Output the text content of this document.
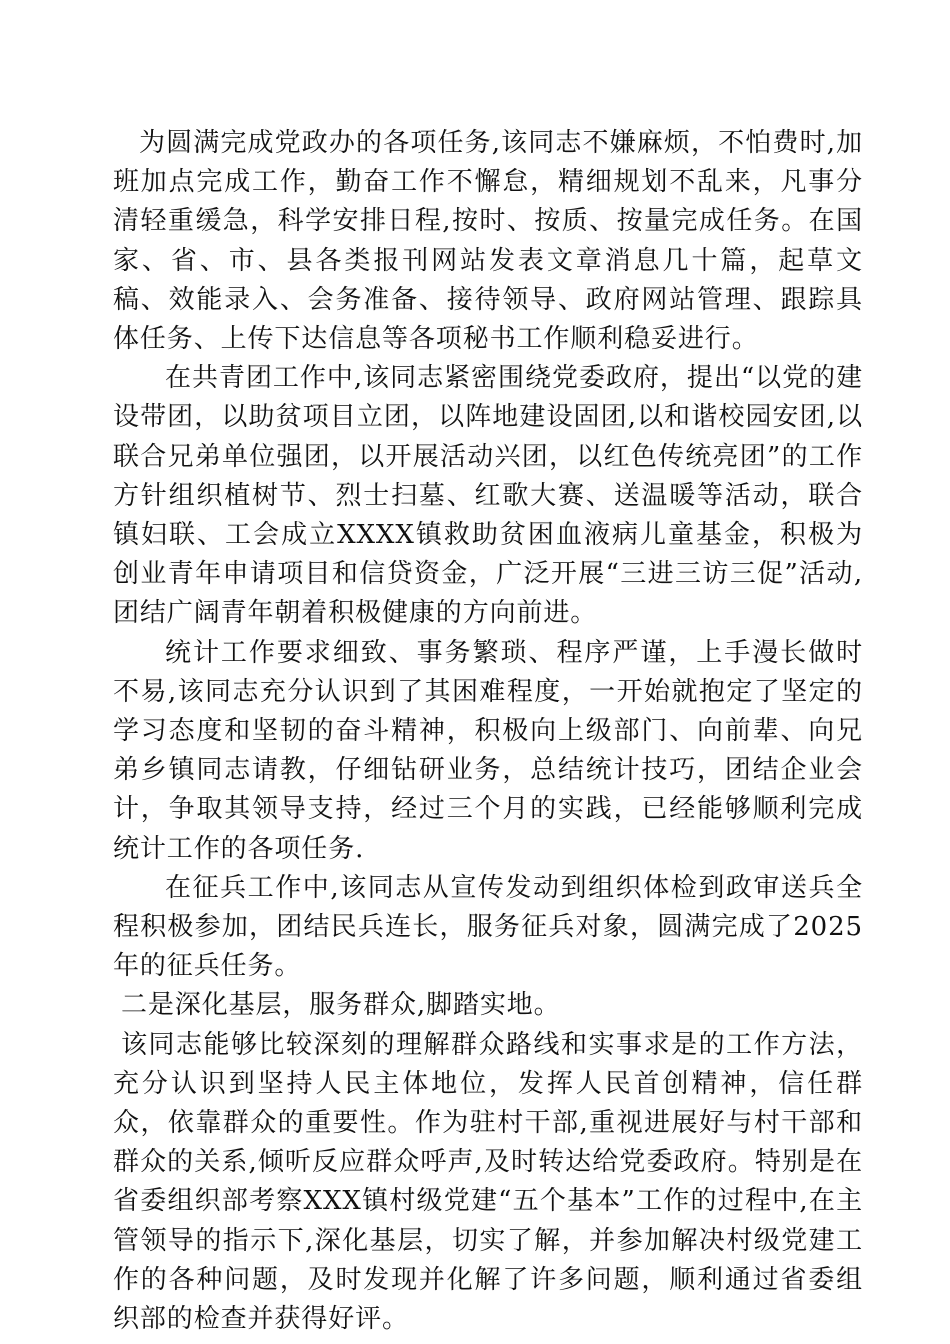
为圆满完成党政办的各项任务,该同志不嫌麻烦，不怕费时,加班加点完成工作，勤奋工作不懈怠，精细规划不乱来，凡事分清轻重缓急，科学安排日程,按时、按质、按量完成任务。在国家、省、市、县各类报刊网站发表文章消息几十篇，起草文稿、效能录入、会务准备、接待领导、政府网站管理、跟踪具体任务、上传下达信息等各项秘书工作顺利稳妥进行。

在共青团工作中,该同志紧密围绕党委政府，提出“以党的建设带团，以助贫项目立团，以阵地建设固团,以和谐校园安团,以联合兄弟单位强团，以开展活动兴团，以红色传统亮团”的工作方针组织植树节、烈士扫墓、红歌大赛、送温暖等活动，联合镇妇联、工会成立XXXX镇救助贫困血液病儿童基金，积极为创业青年申请项目和信贷资金，广泛开展“三进三访三促”活动,团结广阔青年朝着积极健康的方向前进。

统计工作要求细致、事务繁琐、程序严谨，上手漫长做时不易,该同志充分认识到了其困难程度，一开始就抱定了坚定的学习态度和坚韧的奋斗精神，积极向上级部门、向前辈、向兄弟乡镇同志请教，仔细钻研业务，总结统计技巧，团结企业会计，争取其领导支持，经过三个月的实践，已经能够顺利完成统计工作的各项任务.

在征兵工作中,该同志从宣传发动到组织体检到政审送兵全程积极参加，团结民兵连长，服务征兵对象，圆满完成了2025年的征兵任务。

二是深化基层，服务群众,脚踏实地。

该同志能够比较深刻的理解群众路线和实事求是的工作方法，充分认识到坚持人民主体地位，发挥人民首创精神，信任群众，依靠群众的重要性。作为驻村干部,重视进展好与村干部和群众的关系,倾听反应群众呼声,及时转达给党委政府。特别是在省委组织部考察XXX镇村级党建“五个基本”工作的过程中,在主管领导的指示下,深化基层，切实了解，并参加解决村级党建工作的各种问题，及时发现并化解了许多问题，顺利通过省委组织部的检查并获得好评。
